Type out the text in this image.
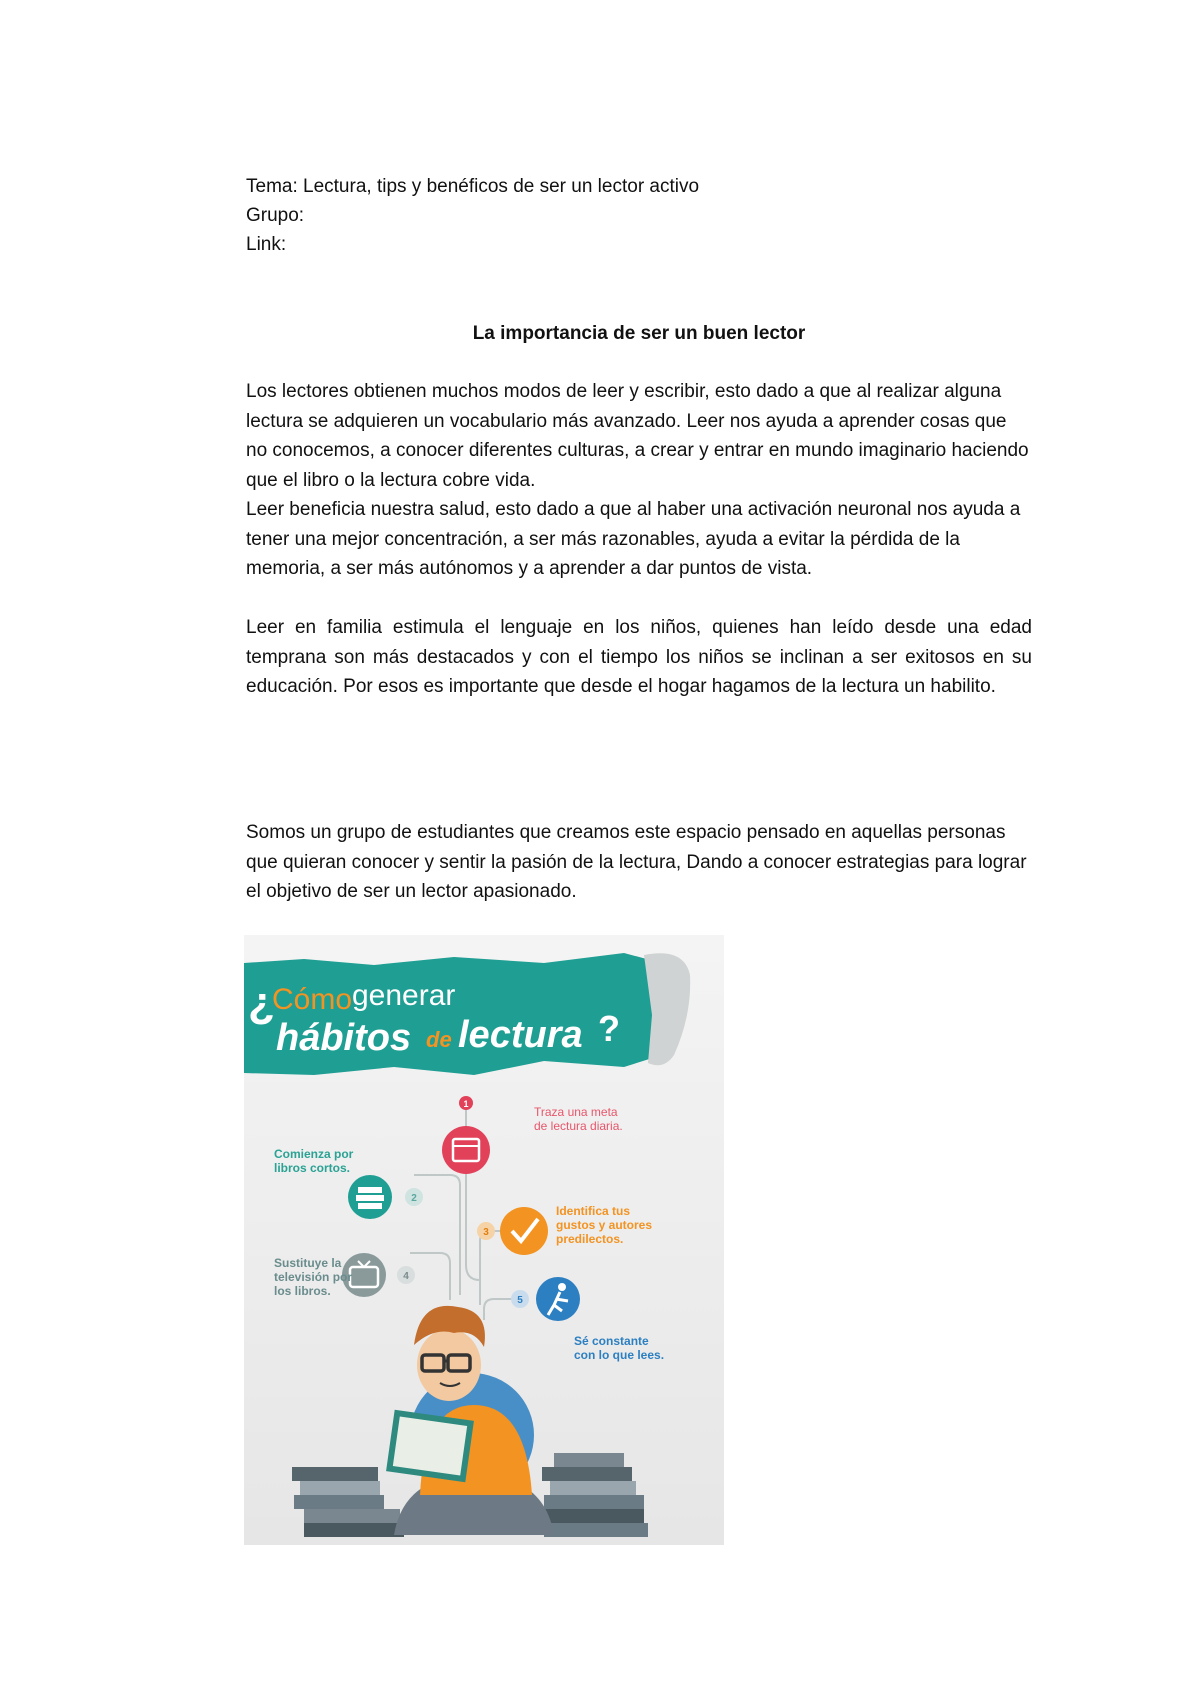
Tema: Lectura, tips y benéficos de ser un lector activo
Grupo:
Link:
La importancia de ser un buen lector
Los lectores obtienen muchos modos de leer y escribir, esto dado a que al realizar alguna lectura se adquieren un vocabulario más avanzado. Leer nos ayuda a aprender cosas que no conocemos, a conocer diferentes culturas, a crear y entrar en mundo imaginario haciendo que el libro o la lectura cobre vida.
Leer beneficia nuestra salud, esto dado a que al haber una activación neuronal nos ayuda a tener una mejor concentración, a ser más razonables, ayuda a evitar la pérdida de la memoria, a ser más autónomos y a aprender a dar puntos de vista.
Leer en familia estimula el lenguaje en los niños, quienes han leído desde una edad temprana son más destacados y con el tiempo los niños se inclinan a ser exitosos en su educación. Por esos es importante que desde el hogar hagamos de la lectura un habilito.
Somos un grupo de estudiantes que creamos este espacio pensado en aquellas personas que quieran conocer y sentir la pasión de la lectura, Dando a conocer estrategias para lograr el objetivo de ser un lector apasionado.
¿
Cómo generar
hábitos de lectura ?
1
Traza una meta
de lectura diaria.
2
Comienza por
libros cortos.
3
Identifica tus
gustos y autores
predilectos.
4
Sustituye la
televisión por
los libros.
5
Sé constante
con lo que lees.
